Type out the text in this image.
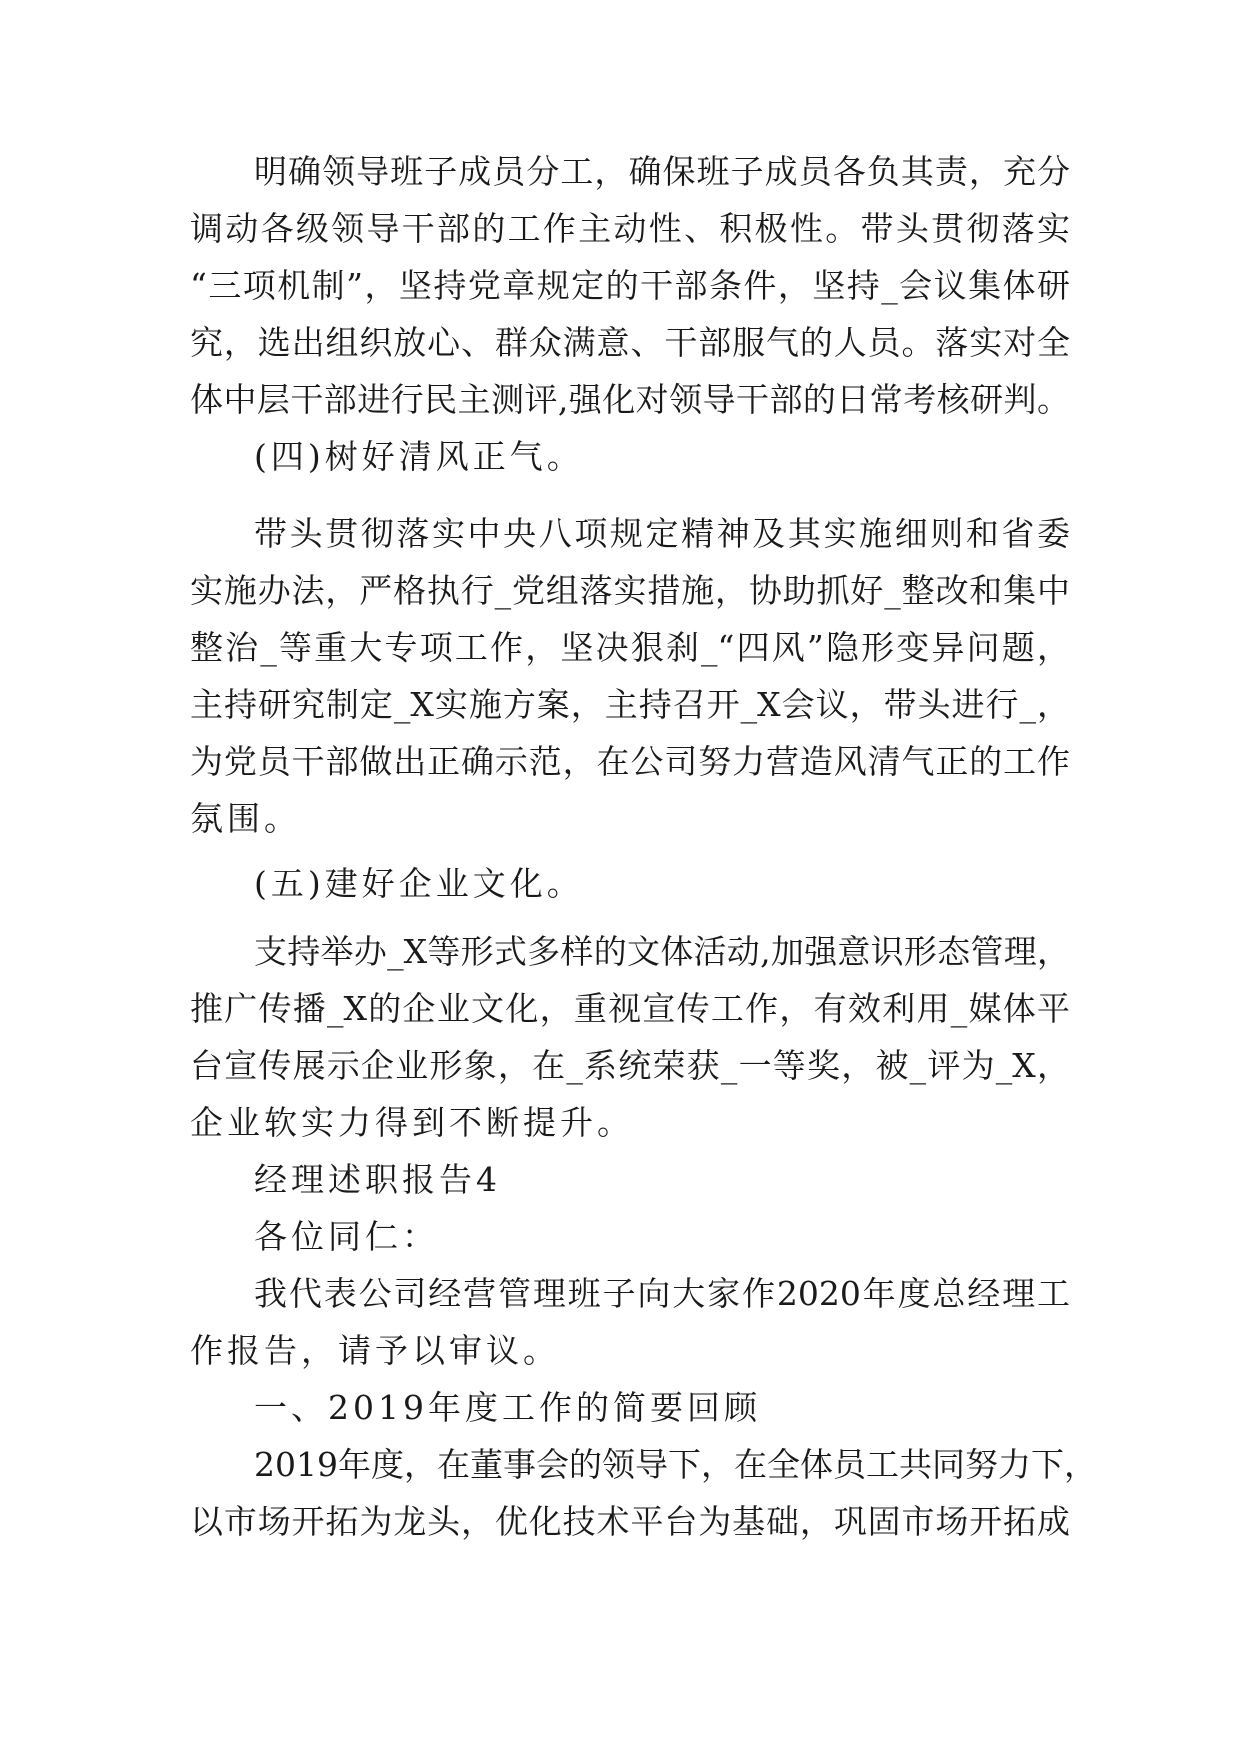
明确领导班子成员分工，确保班子成员各负其责，充分
调动各级领导干部的工作主动性、积极性。带头贯彻落实
“三项机制”，坚持党章规定的干部条件，坚持_会议集体研
究，选出组织放心、群众满意、干部服气的人员。落实对全
体中层干部进行民主测评,强化对领导干部的日常考核研判。
(四)树好清风正气。
带头贯彻落实中央八项规定精神及其实施细则和省委
实施办法，严格执行_党组落实措施，协助抓好_整改和集中
整治_等重大专项工作，坚决狠刹_“四风”隐形变异问题，
主持研究制定_X实施方案，主持召开_X会议，带头进行_，
为党员干部做出正确示范，在公司努力营造风清气正的工作
氛围。
(五)建好企业文化。
支持举办_X等形式多样的文体活动,加强意识形态管理，
推广传播_X的企业文化，重视宣传工作，有效利用_媒体平
台宣传展示企业形象，在_系统荣获_一等奖，被_评为_X，
企业软实力得到不断提升。
经理述职报告4
各位同仁：
我代表公司经营管理班子向大家作2020年度总经理工
作报告，请予以审议。
一、2019年度工作的简要回顾
2019年度，在董事会的领导下，在全体员工共同努力下，
以市场开拓为龙头，优化技术平台为基础，巩固市场开拓成
